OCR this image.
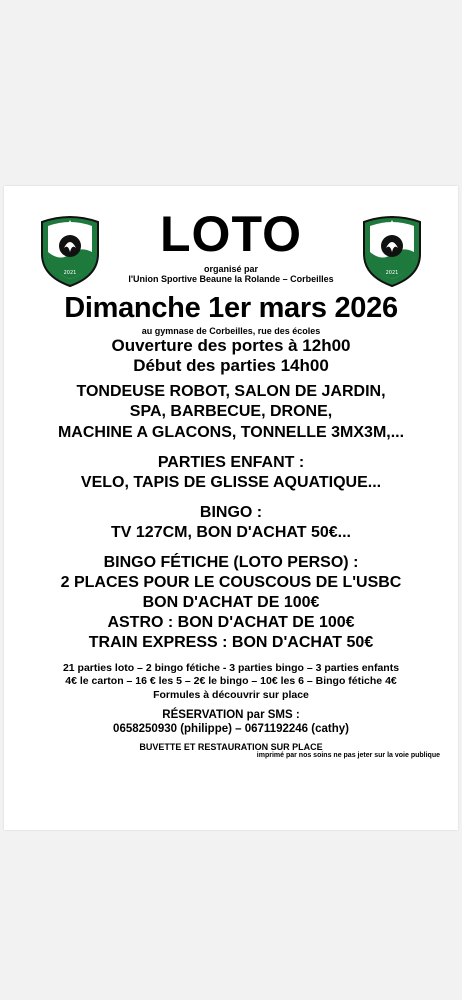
2021	2021
LOTO
organisé par
l'Union Sportive Beaune la Rolande – Corbeilles
Dimanche 1er mars 2026
au gymnase de Corbeilles, rue des écoles
Ouverture des portes à 12h00
Début des parties 14h00
TONDEUSE ROBOT, SALON DE JARDIN,
SPA, BARBECUE, DRONE,
MACHINE A GLACONS, TONNELLE 3MX3M,...
PARTIES ENFANT :
VELO, TAPIS DE GLISSE AQUATIQUE...
BINGO :
TV 127CM, BON D'ACHAT 50€...
BINGO FÉTICHE (LOTO PERSO) :
2 PLACES POUR LE COUSCOUS DE L'USBC
BON D'ACHAT DE 100€
ASTRO : BON D'ACHAT DE 100€
TRAIN EXPRESS : BON D'ACHAT 50€
21 parties loto – 2 bingo fétiche - 3 parties bingo – 3 parties enfants
4€ le carton – 16 € les 5 – 2€ le bingo – 10€ les 6 – Bingo fétiche 4€
Formules à découvrir sur place
RÉSERVATION par SMS :
0658250930 (philippe) – 0671192246 (cathy)
BUVETTE ET RESTAURATION SUR PLACE
imprimé par nos soins ne pas jeter sur la voie publique
